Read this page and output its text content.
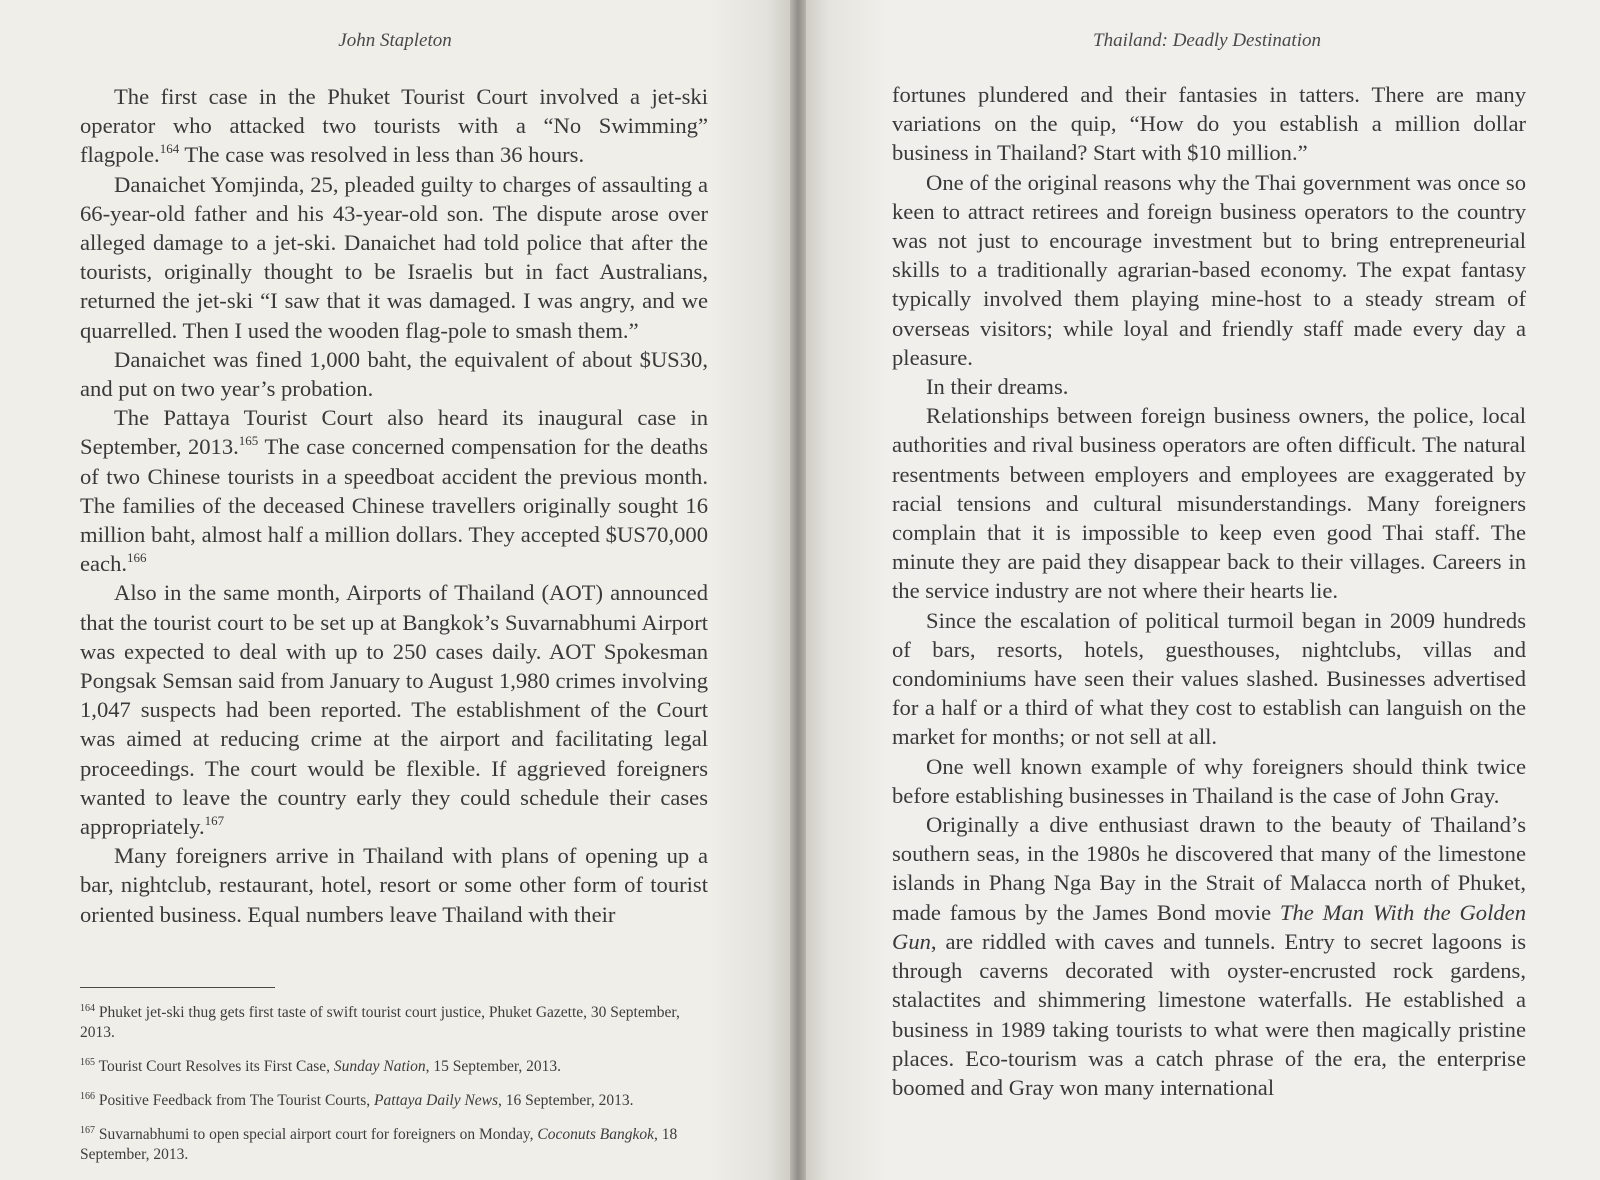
John Stapleton

The first case in the Phuket Tourist Court involved a jet-ski operator who attacked two tourists with a “No Swimming” flagpole.$^{164}$ The case was resolved in less than 36 hours.

Danaichet Yomjinda, 25, pleaded guilty to charges of assaulting a 66-year-old father and his 43-year-old son. The dispute arose over alleged damage to a jet-ski. Danaichet had told police that after the tourists, originally thought to be Israelis but in fact Australians, returned the jet-ski “I saw that it was damaged. I was angry, and we quarrelled. Then I used the wooden flag-pole to smash them.”

Danaichet was fined 1,000 baht, the equivalent of about $US30, and put on two year’s probation.

The Pattaya Tourist Court also heard its inaugural case in September, 2013.$^{165}$ The case concerned compensation for the deaths of two Chinese tourists in a speedboat accident the previous month. The families of the deceased Chinese travellers originally sought 16 million baht, almost half a million dollars. They accepted $US70,000 each.$^{166}$

Also in the same month, Airports of Thailand (AOT) announced that the tourist court to be set up at Bangkok’s Suvarnabhumi Airport was expected to deal with up to 250 cases daily. AOT Spokesman Pongsak Semsan said from January to August 1,980 crimes involving 1,047 suspects had been reported. The establishment of the Court was aimed at reducing crime at the airport and facilitating legal proceedings. The court would be flexible. If aggrieved foreigners wanted to leave the country early they could schedule their cases appropriately.$^{167}$

Many foreigners arrive in Thailand with plans of opening up a bar, nightclub, restaurant, hotel, resort or some other form of tourist oriented business. Equal numbers leave Thailand with their

$^{164}$ Phuket jet-ski thug gets first taste of swift tourist court justice, Phuket Gazette, 30 September, 2013.

$^{165}$ Tourist Court Resolves its First Case, Sunday Nation, 15 September, 2013.

$^{166}$ Positive Feedback from The Tourist Courts, Pattaya Daily News, 16 September, 2013.

$^{167}$ Suvarnabhumi to open special airport court for foreigners on Monday, Coconuts Bangkok, 18 September, 2013.

Thailand: Deadly Destination

fortunes plundered and their fantasies in tatters. There are many variations on the quip, “How do you establish a million dollar business in Thailand? Start with $10 million.”

One of the original reasons why the Thai government was once so keen to attract retirees and foreign business operators to the country was not just to encourage investment but to bring entrepreneurial skills to a traditionally agrarian-based economy. The expat fantasy typically involved them playing mine-host to a steady stream of overseas visitors; while loyal and friendly staff made every day a pleasure.

In their dreams.

Relationships between foreign business owners, the police, local authorities and rival business operators are often difficult. The natural resentments between employers and employees are exaggerated by racial tensions and cultural misunderstandings. Many foreigners complain that it is impossible to keep even good Thai staff. The minute they are paid they disappear back to their villages. Careers in the service industry are not where their hearts lie.

Since the escalation of political turmoil began in 2009 hundreds of bars, resorts, hotels, guesthouses, nightclubs, villas and condominiums have seen their values slashed. Businesses advertised for a half or a third of what they cost to establish can languish on the market for months; or not sell at all.

One well known example of why foreigners should think twice before establishing businesses in Thailand is the case of John Gray.

Originally a dive enthusiast drawn to the beauty of Thailand’s southern seas, in the 1980s he discovered that many of the limestone islands in Phang Nga Bay in the Strait of Malacca north of Phuket, made famous by the James Bond movie The Man With the Golden Gun, are riddled with caves and tunnels. Entry to secret lagoons is through caverns decorated with oyster-encrusted rock gardens, stalactites and shimmering limestone waterfalls. He established a business in 1989 taking tourists to what were then magically pristine places. Eco-tourism was a catch phrase of the era, the enterprise boomed and Gray won many international
